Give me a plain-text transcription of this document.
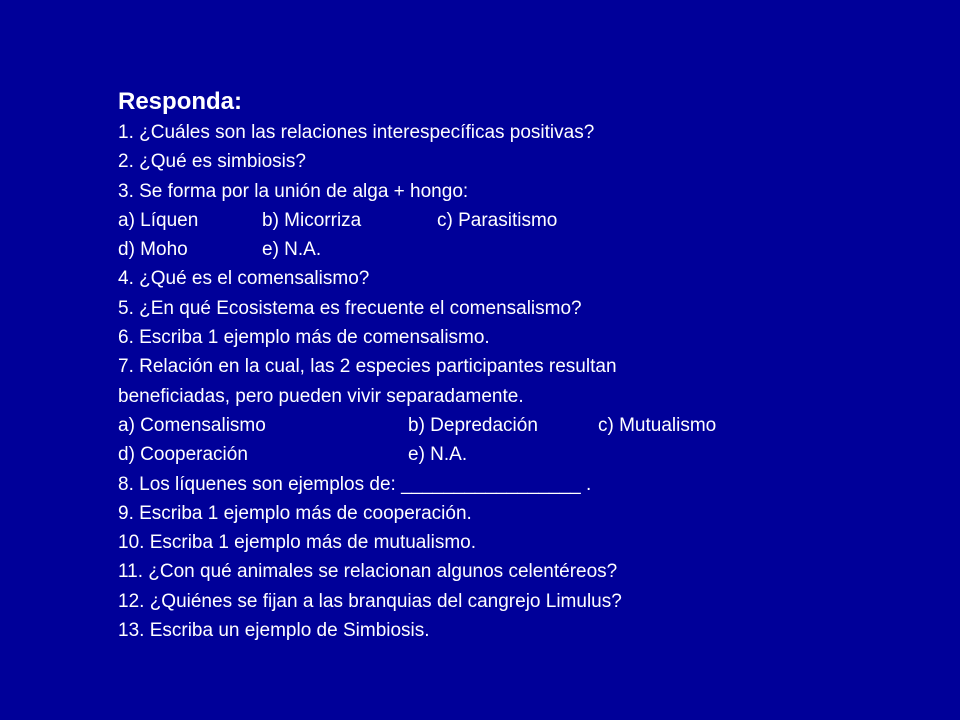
Responda:
1. ¿Cuáles son las relaciones interespecíficas positivas?
2. ¿Qué es simbiosis?
3. Se forma por la unión de alga + hongo:
a) Líquen	b) Micorriza	c) Parasitismo
d) Moho	e) N.A.
4. ¿Qué es el comensalismo?
5. ¿En qué Ecosistema es frecuente el comensalismo?
6. Escriba 1 ejemplo más de comensalismo.
7. Relación en la cual, las 2 especies participantes resultan
beneficiadas, pero pueden vivir separadamente.
a) Comensalismo	b) Depredación	c) Mutualismo
d) Cooperación	e) N.A.
8. Los líquenes son ejemplos de: _________________ .
9. Escriba 1 ejemplo más de cooperación.
10. Escriba 1 ejemplo más de mutualismo.
11. ¿Con qué animales se relacionan algunos celentéreos?
12. ¿Quiénes se fijan a las branquias del cangrejo Limulus?
13. Escriba un ejemplo de Simbiosis.
